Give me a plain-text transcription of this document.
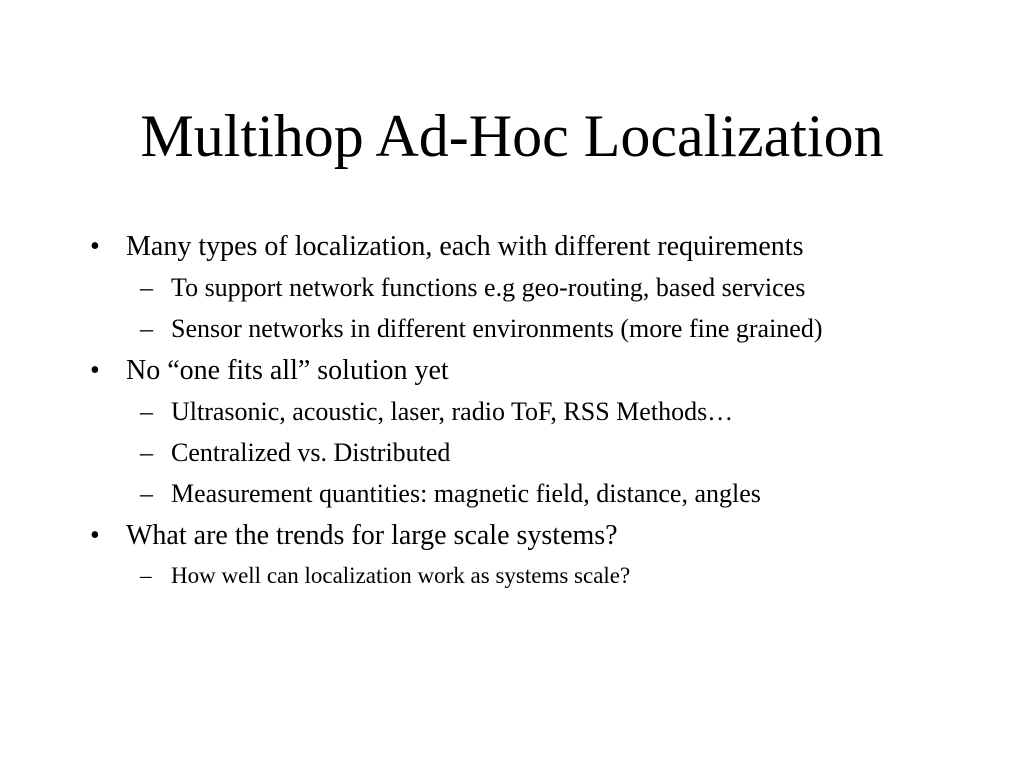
Multihop Ad-Hoc Localization
• Many types of localization, each with different requirements
– To support network functions e.g geo-routing, based services
– Sensor networks in different environments (more fine grained)
• No “one fits all” solution yet
– Ultrasonic, acoustic, laser, radio ToF, RSS Methods…
– Centralized vs. Distributed
– Measurement quantities: magnetic field, distance, angles
• What are the trends for large scale systems?
– How well can localization work as systems scale?
